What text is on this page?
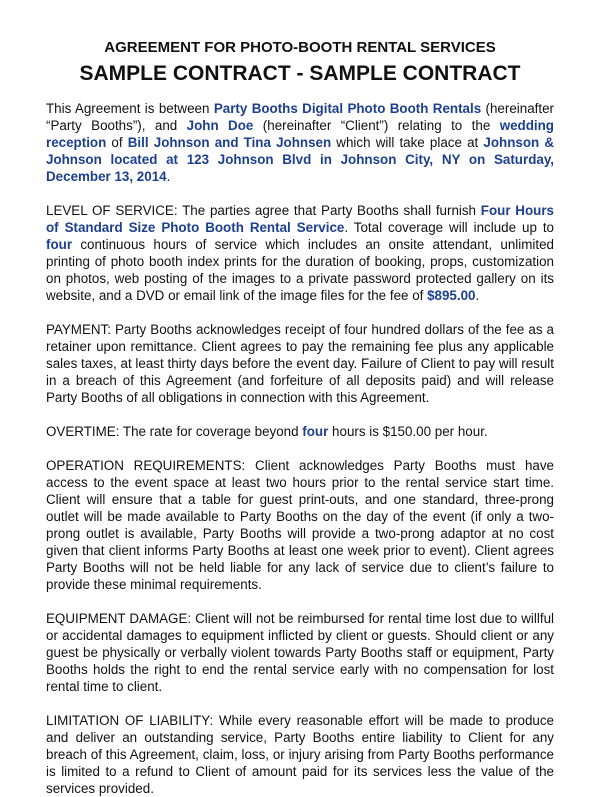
AGREEMENT FOR PHOTO-BOOTH RENTAL SERVICES
SAMPLE CONTRACT - SAMPLE CONTRACT

This Agreement is between Party Booths Digital Photo Booth Rentals (hereinafter “Party Booths”), and John Doe (hereinafter “Client”) relating to the wedding reception of Bill Johnson and Tina Johnsen which will take place at Johnson & Johnson located at 123 Johnson Blvd in Johnson City, NY on Saturday, December 13, 2014.

LEVEL OF SERVICE: The parties agree that Party Booths shall furnish Four Hours of Standard Size Photo Booth Rental Service. Total coverage will include up to four continuous hours of service which includes an onsite attendant, unlimited printing of photo booth index prints for the duration of booking, props, customization on photos, web posting of the images to a private password protected gallery on its website, and a DVD or email link of the image files for the fee of $895.00.

PAYMENT: Party Booths acknowledges receipt of four hundred dollars of the fee as a retainer upon remittance. Client agrees to pay the remaining fee plus any applicable sales taxes, at least thirty days before the event day. Failure of Client to pay will result in a breach of this Agreement (and forfeiture of all deposits paid) and will release Party Booths of all obligations in connection with this Agreement.

OVERTIME: The rate for coverage beyond four hours is $150.00 per hour.

OPERATION REQUIREMENTS: Client acknowledges Party Booths must have access to the event space at least two hours prior to the rental service start time. Client will ensure that a table for guest print-outs, and one standard, three-prong outlet will be made available to Party Booths on the day of the event (if only a two-prong outlet is available, Party Booths will provide a two-prong adaptor at no cost given that client informs Party Booths at least one week prior to event). Client agrees Party Booths will not be held liable for any lack of service due to client’s failure to provide these minimal requirements.

EQUIPMENT DAMAGE: Client will not be reimbursed for rental time lost due to willful or accidental damages to equipment inflicted by client or guests. Should client or any guest be physically or verbally violent towards Party Booths staff or equipment, Party Booths holds the right to end the rental service early with no compensation for lost rental time to client.

LIMITATION OF LIABILITY: While every reasonable effort will be made to produce and deliver an outstanding service, Party Booths entire liability to Client for any breach of this Agreement, claim, loss, or injury arising from Party Booths performance is limited to a refund to Client of amount paid for its services less the value of the services provided.
